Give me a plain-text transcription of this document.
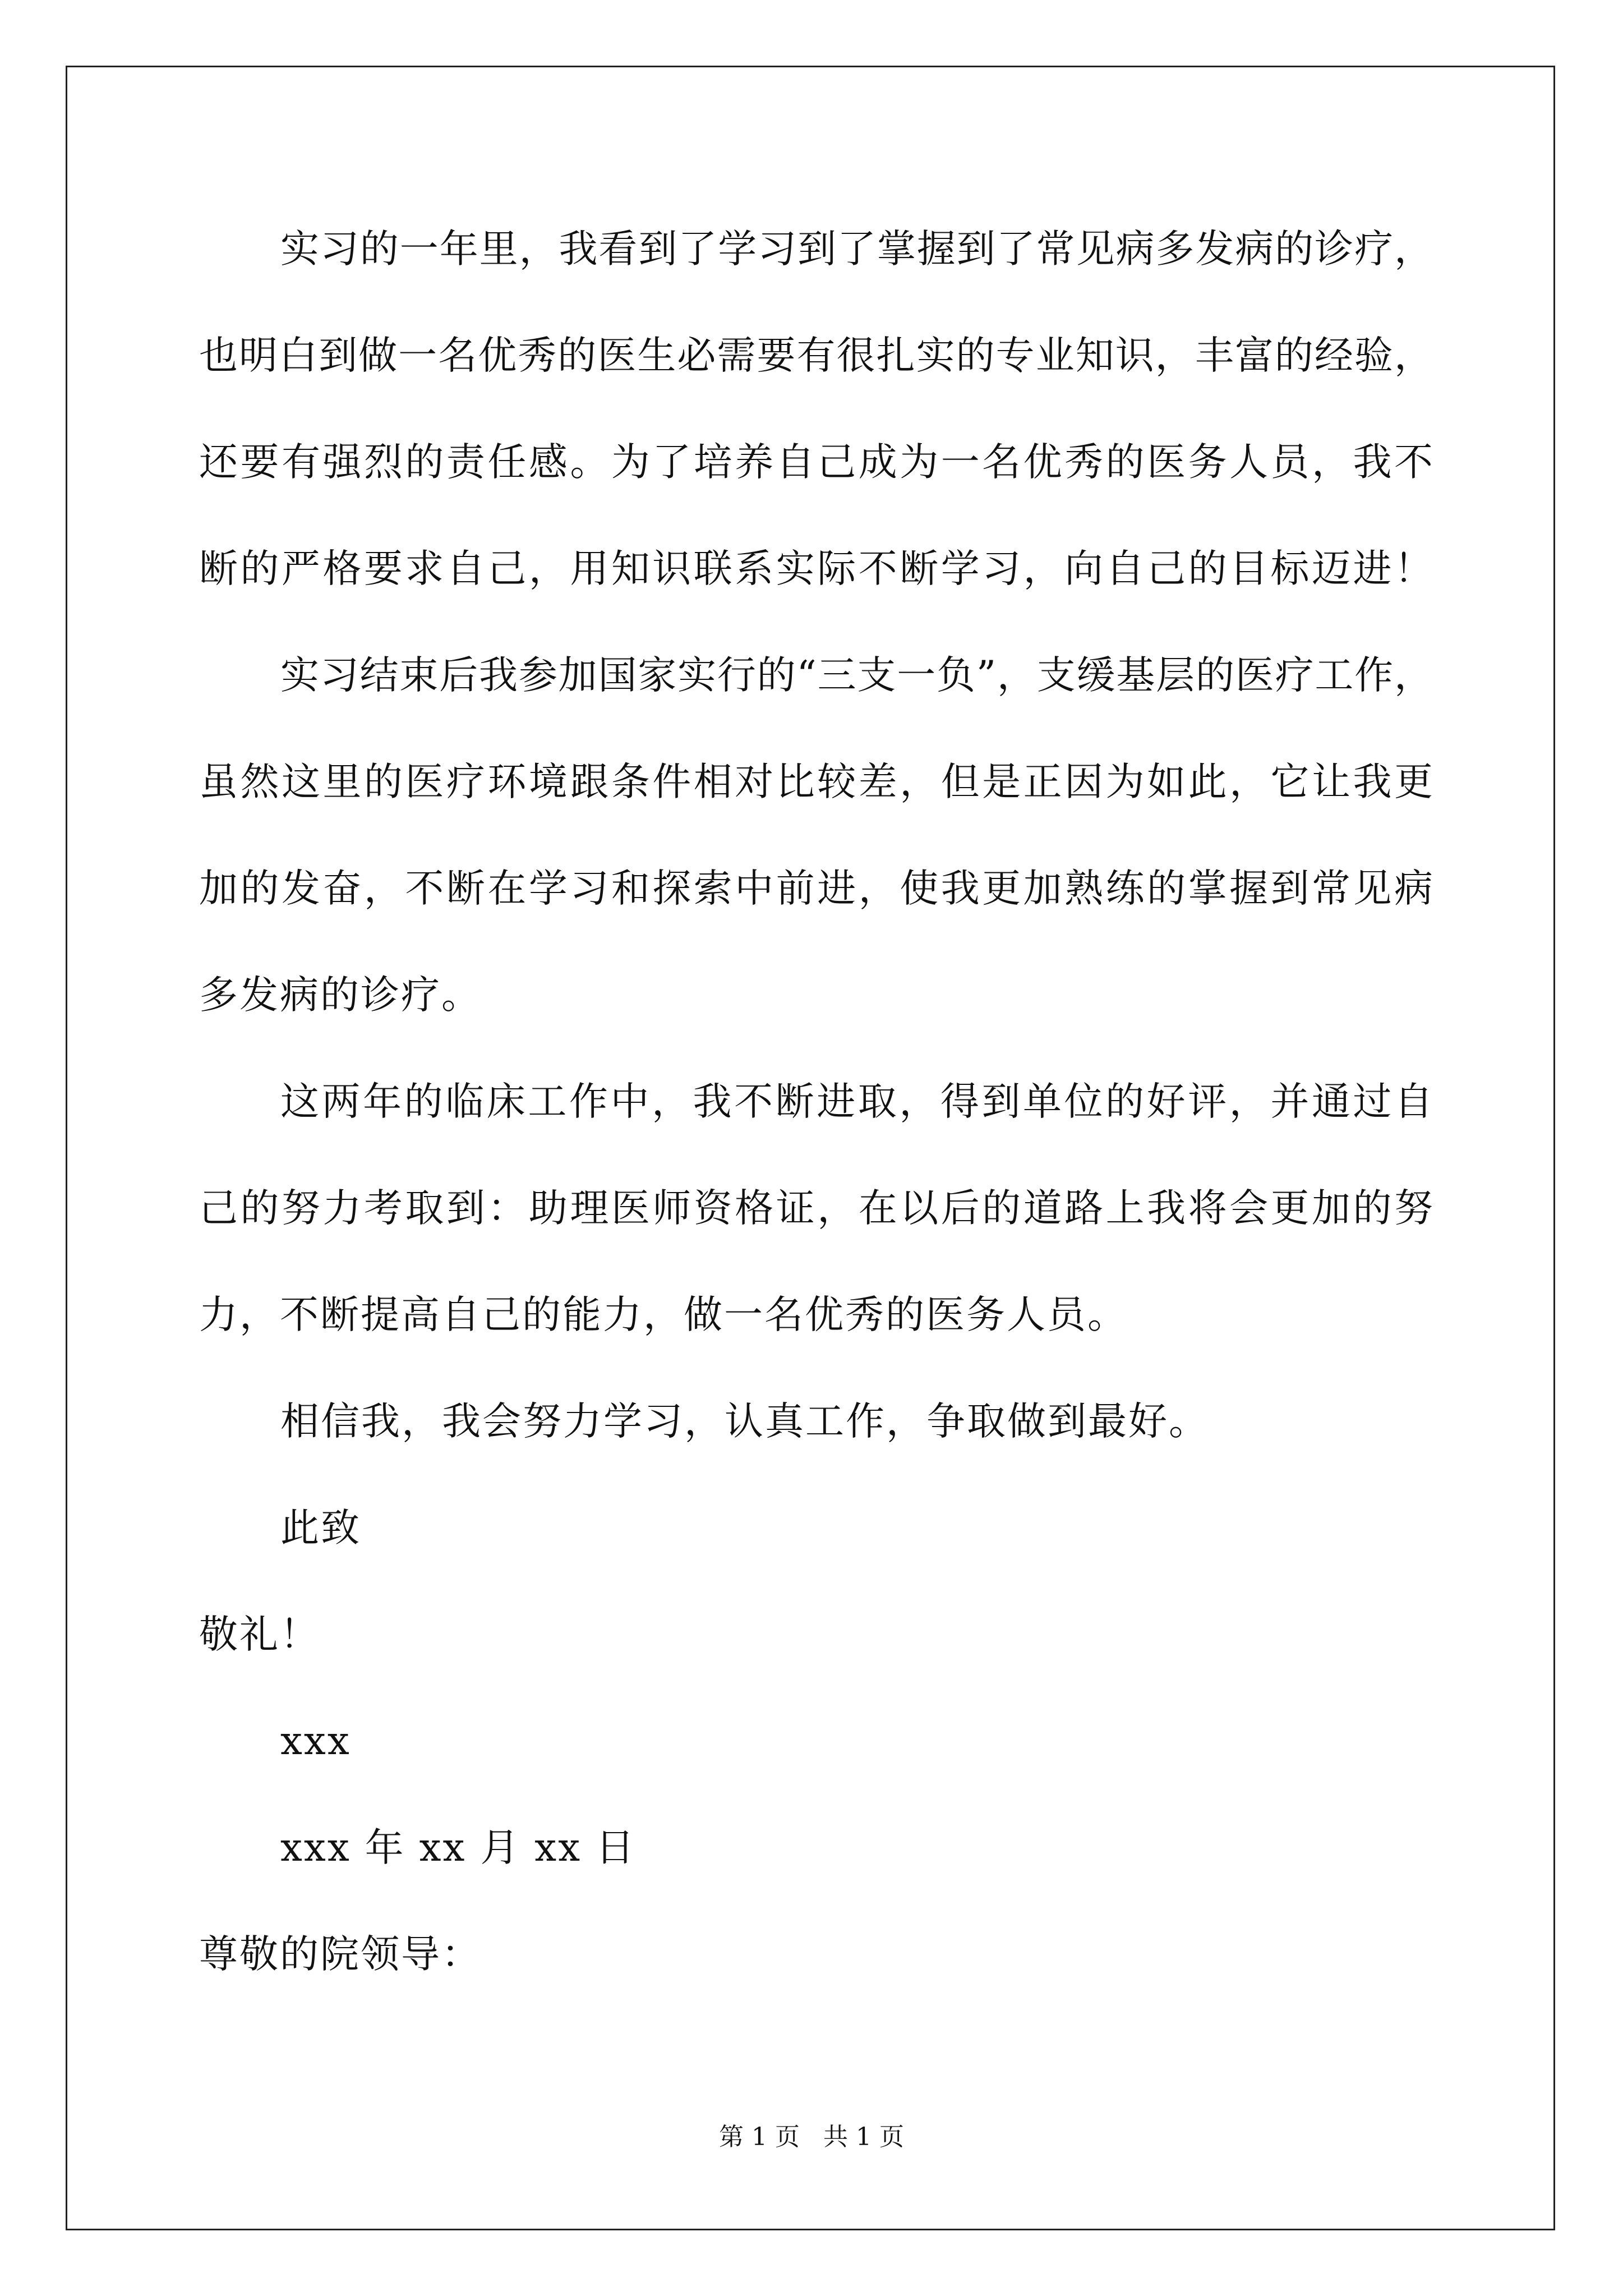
实习的一年里，我看到了学习到了掌握到了常见病多发病的诊疗，
也明白到做一名优秀的医生必需要有很扎实的专业知识，丰富的经验，
还要有强烈的责任感。为了培养自己成为一名优秀的医务人员，我不
断的严格要求自己，用知识联系实际不断学习，向自己的目标迈进！
实习结束后我参加国家实行的“三支一负”，支缓基层的医疗工作，
虽然这里的医疗环境跟条件相对比较差，但是正因为如此，它让我更
加的发奋，不断在学习和探索中前进，使我更加熟练的掌握到常见病
多发病的诊疗。
这两年的临床工作中，我不断进取，得到单位的好评，并通过自
己的努力考取到：助理医师资格证，在以后的道路上我将会更加的努
力，不断提高自己的能力，做一名优秀的医务人员。
相信我，我会努力学习，认真工作，争取做到最好。
此致
敬礼！
xxx
xxx 年 xx 月 xx 日
尊敬的院领导：
第 1 页   共 1 页
